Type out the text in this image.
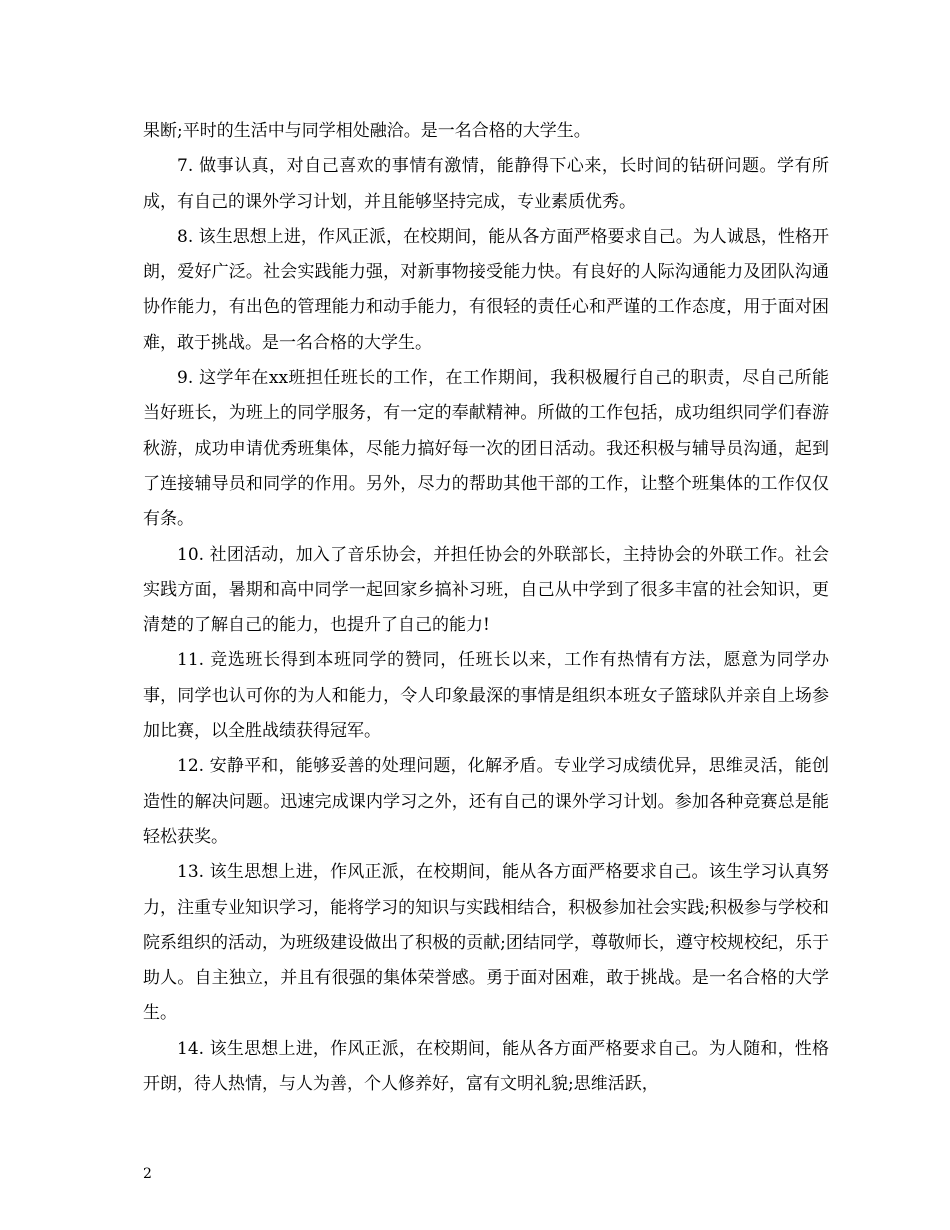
果断;平时的生活中与同学相处融洽。是一名合格的大学生。

7. 做事认真，对自己喜欢的事情有激情，能静得下心来，长时间的钻研问题。学有所成，有自己的课外学习计划，并且能够坚持完成，专业素质优秀。

8. 该生思想上进，作风正派，在校期间，能从各方面严格要求自己。为人诚恳，性格开朗，爱好广泛。社会实践能力强，对新事物接受能力快。有良好的人际沟通能力及团队沟通协作能力，有出色的管理能力和动手能力，有很轻的责任心和严谨的工作态度，用于面对困难，敢于挑战。是一名合格的大学生。

9. 这学年在xx班担任班长的工作，在工作期间，我积极履行自己的职责，尽自己所能当好班长，为班上的同学服务，有一定的奉献精神。所做的工作包括，成功组织同学们春游秋游，成功申请优秀班集体，尽能力搞好每一次的团日活动。我还积极与辅导员沟通，起到了连接辅导员和同学的作用。另外，尽力的帮助其他干部的工作，让整个班集体的工作仅仅有条。

10. 社团活动，加入了音乐协会，并担任协会的外联部长，主持协会的外联工作。社会实践方面，暑期和高中同学一起回家乡搞补习班，自己从中学到了很多丰富的社会知识，更清楚的了解自己的能力，也提升了自己的能力!

11. 竞选班长得到本班同学的赞同，任班长以来，工作有热情有方法，愿意为同学办事，同学也认可你的为人和能力，令人印象最深的事情是组织本班女子篮球队并亲自上场参加比赛，以全胜战绩获得冠军。

12. 安静平和，能够妥善的处理问题，化解矛盾。专业学习成绩优异，思维灵活，能创造性的解决问题。迅速完成课内学习之外，还有自己的课外学习计划。参加各种竞赛总是能轻松获奖。

13. 该生思想上进，作风正派，在校期间，能从各方面严格要求自己。该生学习认真努力，注重专业知识学习，能将学习的知识与实践相结合，积极参加社会实践;积极参与学校和院系组织的活动，为班级建设做出了积极的贡献;团结同学，尊敬师长，遵守校规校纪，乐于助人。自主独立，并且有很强的集体荣誉感。勇于面对困难，敢于挑战。是一名合格的大学生。

14. 该生思想上进，作风正派，在校期间，能从各方面严格要求自己。为人随和，性格开朗，待人热情，与人为善，个人修养好，富有文明礼貌;思维活跃，

2
